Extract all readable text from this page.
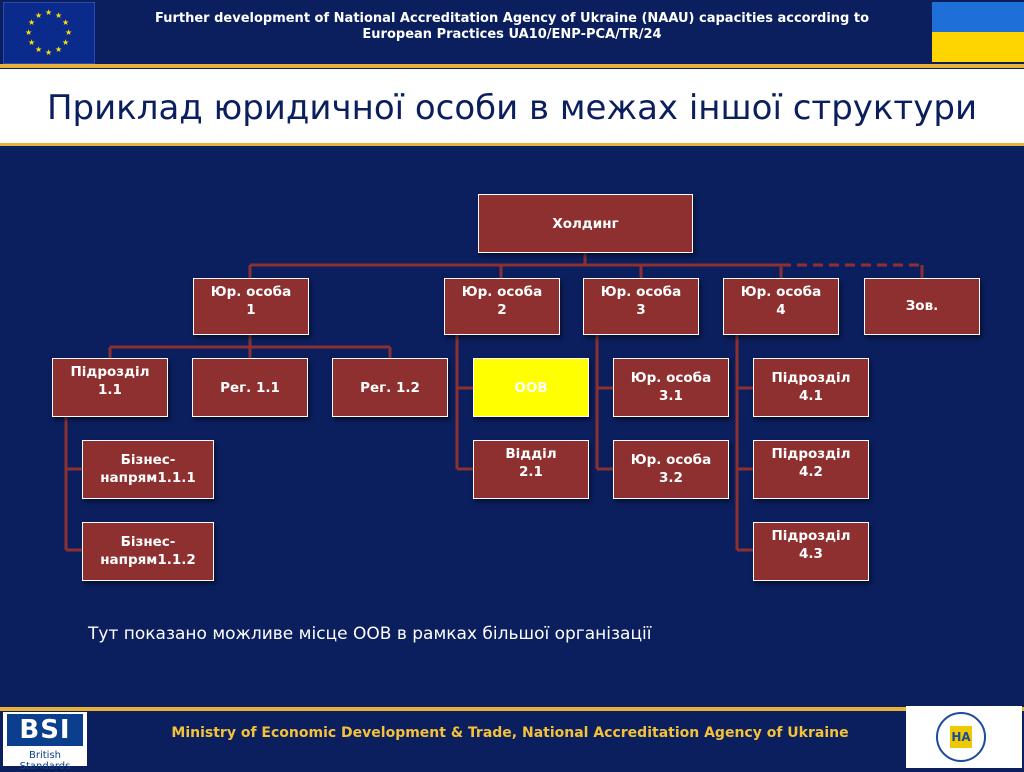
★ ★
★
★
★
★
★
★
★
★
★
★	Further development of National Accreditation Agency of Ukraine (NAAU) capacities according to
European Practices UA10/ENP-PCA/TR/24
Приклад юридичної особи в межах іншої структури
Холдинг
Юр. особа
1
Юр. особа
2
Юр. особа
3
Юр. особа
4	Зов.
Підрозділ
1.1	Рег. 1.1	Рег. 1.2	ООВ
Юр. особа
3.1
Підрозділ
4.1
Бізнес-
напрям1.1.1
Відділ
2.1
Юр. особа
3.2
Підрозділ
4.2
Бізнес-
напрям1.1.2
Підрозділ
4.3
Тут показано можливе місце ООВ в рамках більшої організації
BSI
British Standards
Ministry of Economic Development & Trade, National Accreditation Agency of Ukraine	НА
